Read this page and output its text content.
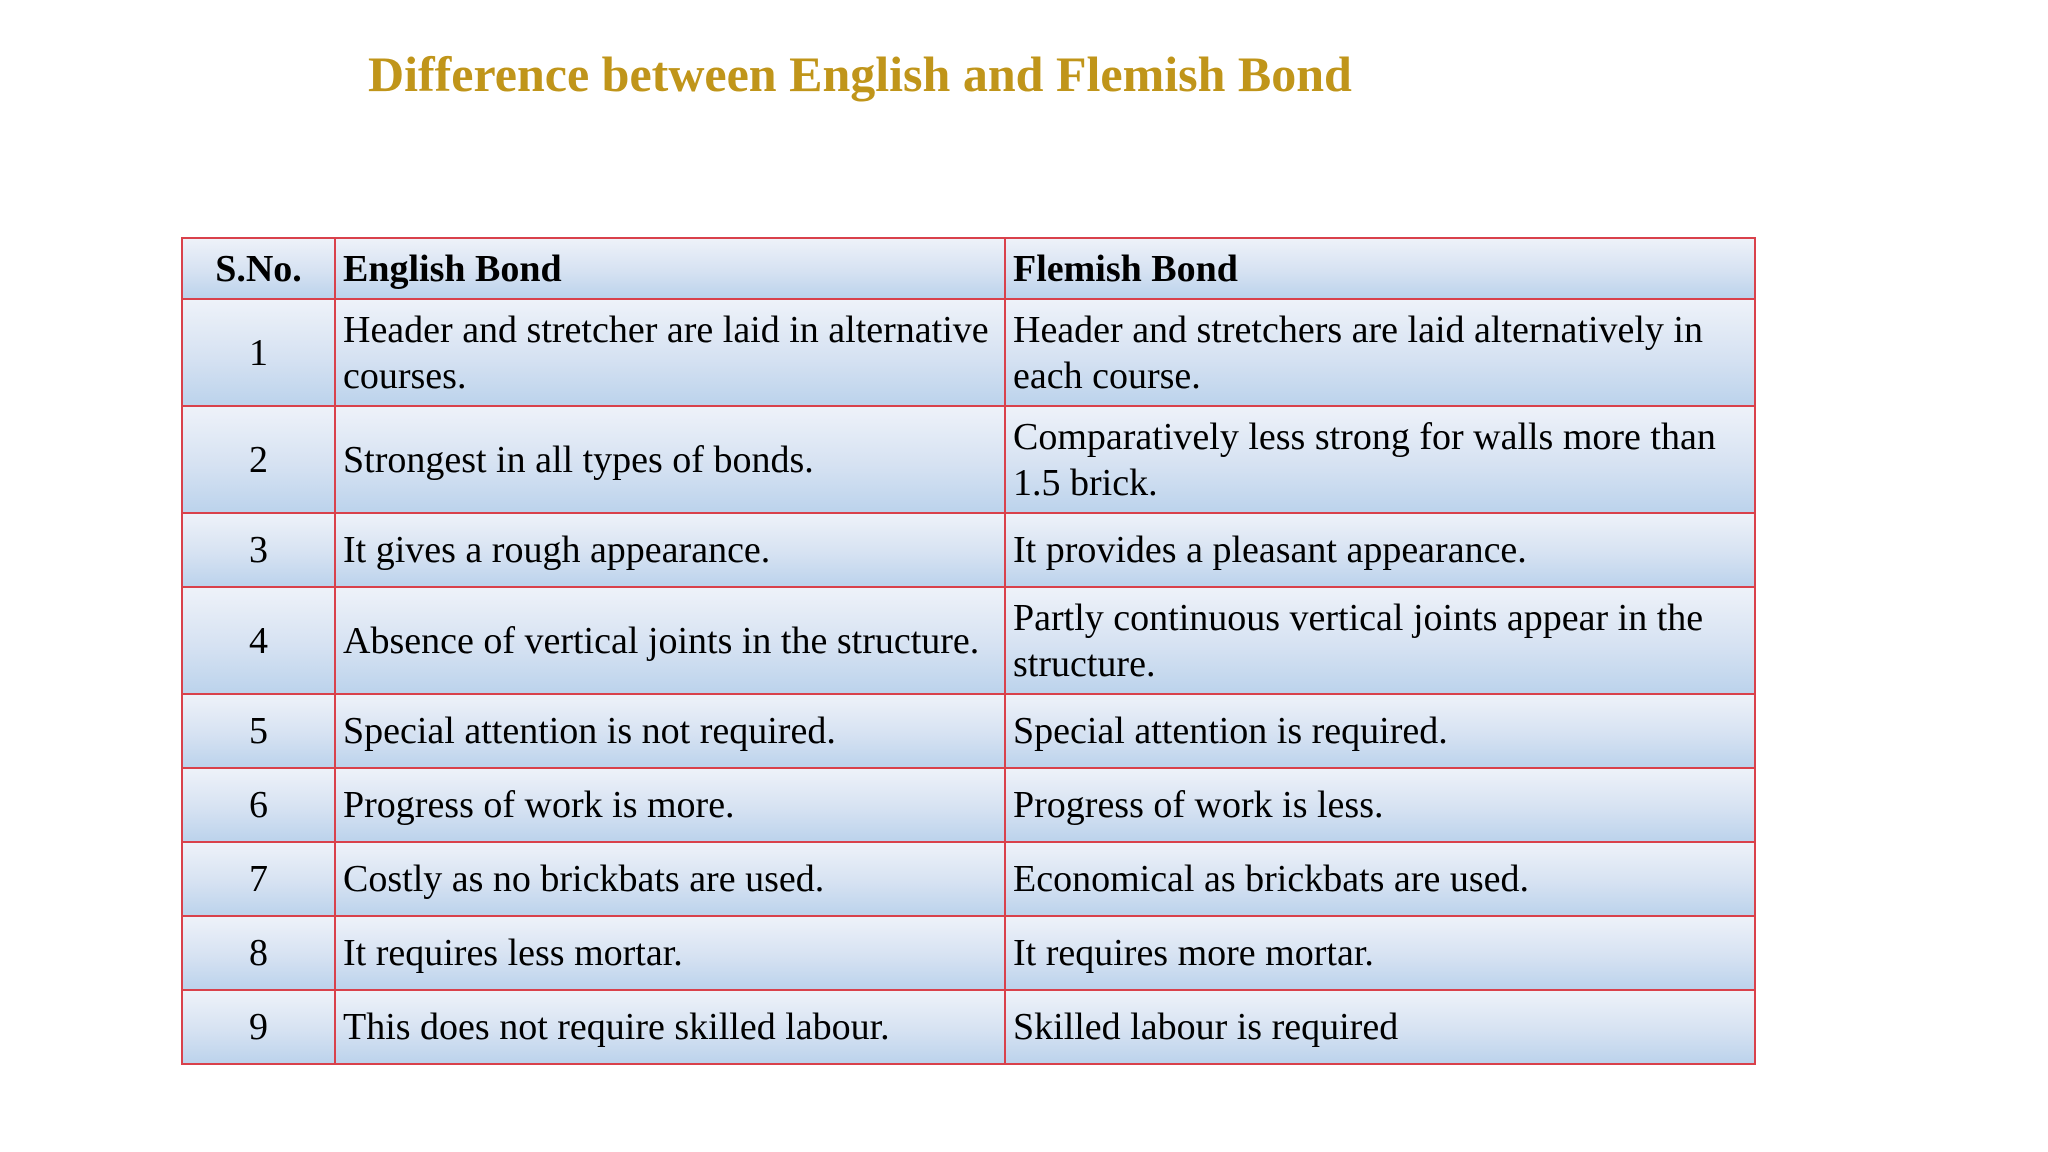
Difference between English and Flemish Bond
S.No.	English Bond	Flemish Bond
1	Header and stretcher are laid in alternative courses.	Header and stretchers are laid alternatively in each course.
2	Strongest in all types of bonds.	Comparatively less strong for walls more than 1.5 brick.
3	It gives a rough appearance.	It provides a pleasant appearance.
4	Absence of vertical joints in the structure.	Partly continuous vertical joints appear in the structure.
5	Special attention is not required.	Special attention is required.
6	Progress of work is more.	Progress of work is less.
7	Costly as no brickbats are used.	Economical as brickbats are used.
8	It requires less mortar.	It requires more mortar.
9	This does not require skilled labour.	Skilled labour is required
